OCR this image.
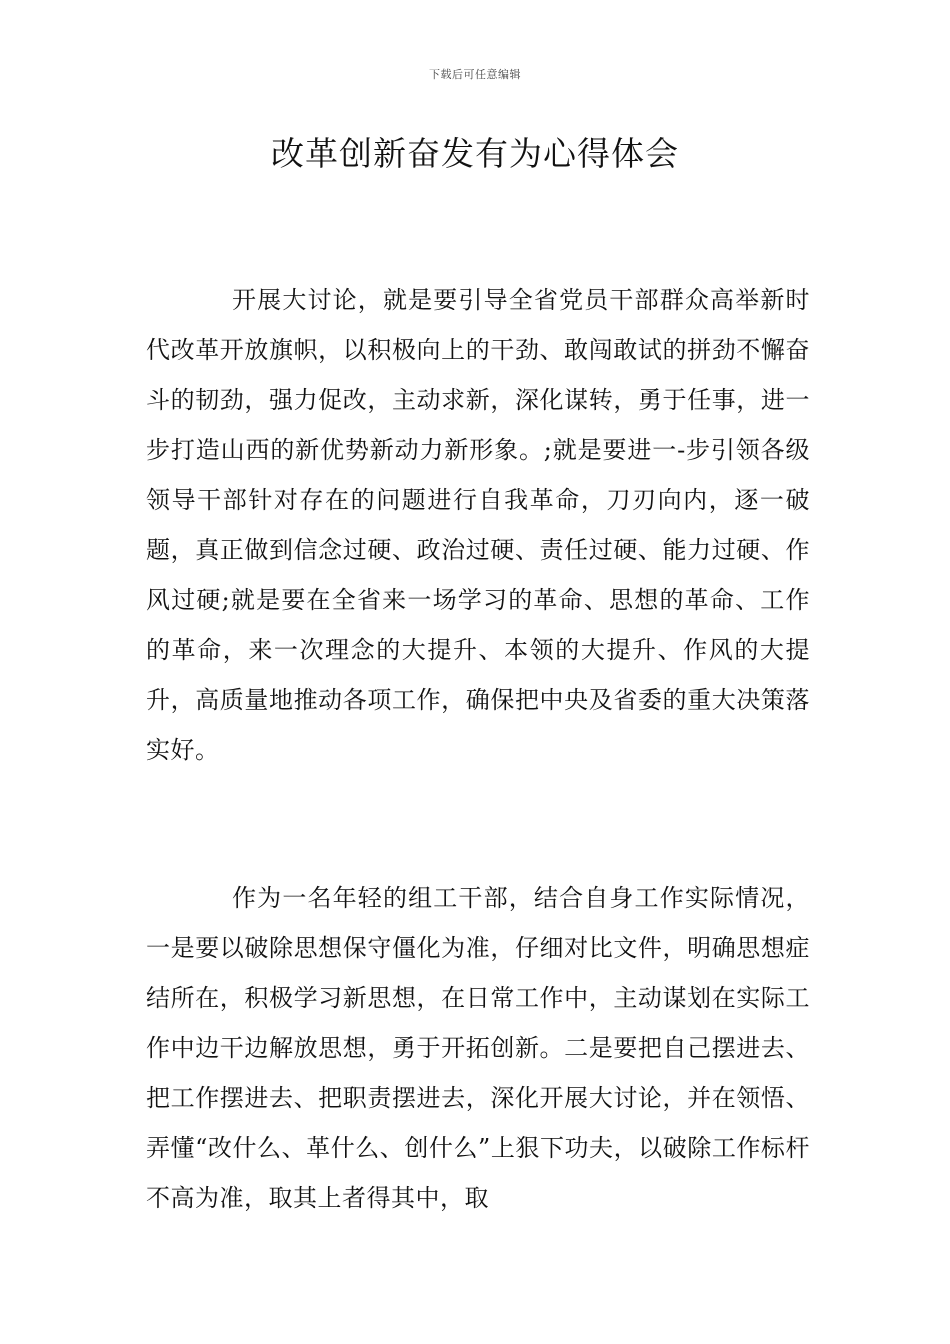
下载后可任意编辑
改革创新奋发有为心得体会

开展大讨论，就是要引导全省党员干部群众高举新时代改革开放旗帜，以积极向上的干劲、敢闯敢试的拼劲不懈奋斗的韧劲，强力促改，主动求新，深化谋转，勇于任事，进一步打造山西的新优势新动力新形象。;就是要进一-步引领各级领导干部针对存在的问题进行自我革命，刀刃向内，逐一破题，真正做到信念过硬、政治过硬、责任过硬、能力过硬、作风过硬;就是要在全省来一场学习的革命、思想的革命、工作的革命，来一次理念的大提升、本领的大提升、作风的大提升，高质量地推动各项工作，确保把中央及省委的重大决策落实好。

作为一名年轻的组工干部，结合自身工作实际情况，一是要以破除思想保守僵化为准，仔细对比文件，明确思想症结所在，积极学习新思想，在日常工作中，主动谋划在实际工作中边干边解放思想，勇于开拓创新。二是要把自己摆进去、把工作摆进去、把职责摆进去，深化开展大讨论，并在领悟、弄懂“改什么、革什么、创什么”上狠下功夫，以破除工作标杆不高为准，取其上者得其中，取
